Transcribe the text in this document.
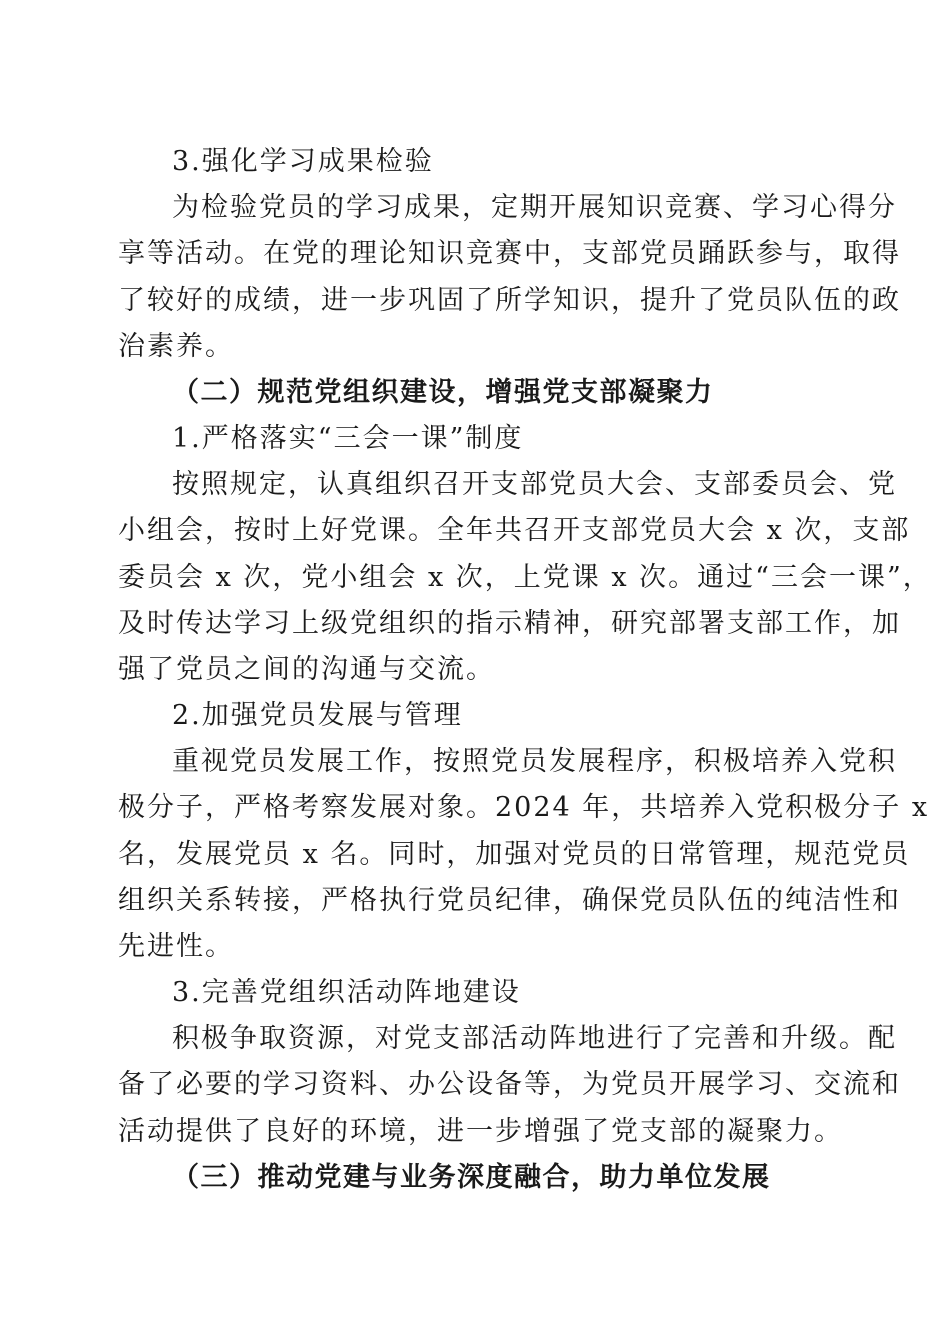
3.强化学习成果检验
为检验党员的学习成果，定期开展知识竞赛、学习心得分
享等活动。在党的理论知识竞赛中，支部党员踊跃参与，取得
了较好的成绩，进一步巩固了所学知识，提升了党员队伍的政
治素养。
（二）规范党组织建设，增强党支部凝聚力
1.严格落实“三会一课”制度
按照规定，认真组织召开支部党员大会、支部委员会、党
小组会，按时上好党课。全年共召开支部党员大会 x 次，支部
委员会 x 次，党小组会 x 次，上党课 x 次。通过“三会一课”，
及时传达学习上级党组织的指示精神，研究部署支部工作，加
强了党员之间的沟通与交流。
2.加强党员发展与管理
重视党员发展工作，按照党员发展程序，积极培养入党积
极分子，严格考察发展对象。2024 年，共培养入党积极分子 x
名，发展党员 x 名。同时，加强对党员的日常管理，规范党员
组织关系转接，严格执行党员纪律，确保党员队伍的纯洁性和
先进性。
3.完善党组织活动阵地建设
积极争取资源，对党支部活动阵地进行了完善和升级。配
备了必要的学习资料、办公设备等，为党员开展学习、交流和
活动提供了良好的环境，进一步增强了党支部的凝聚力。
（三）推动党建与业务深度融合，助力单位发展
